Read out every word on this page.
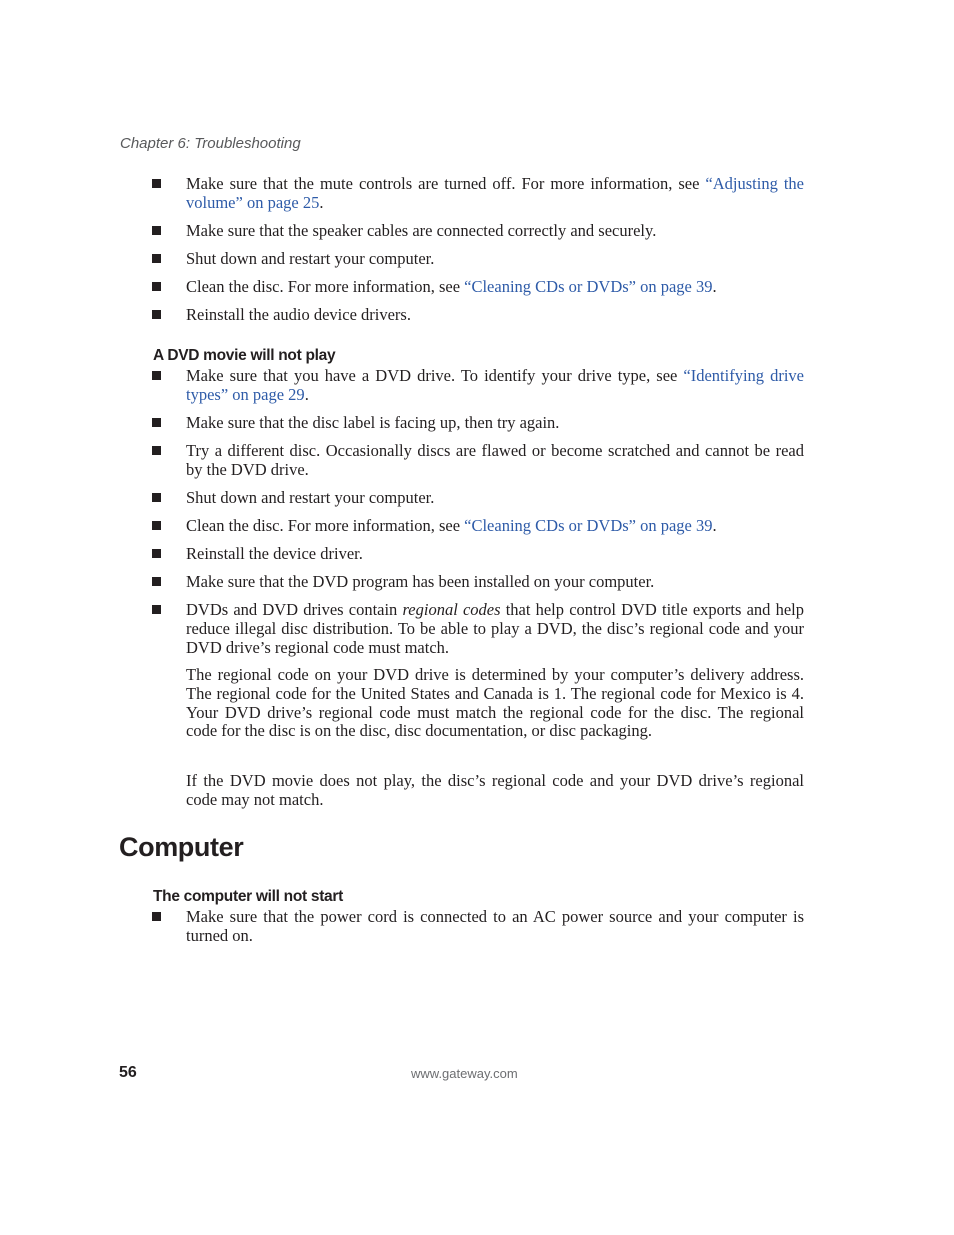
Chapter 6: Troubleshooting
Make sure that the mute controls are turned off. For more information, see “Adjusting the volume” on page 25.
Make sure that the speaker cables are connected correctly and securely.
Shut down and restart your computer.
Clean the disc. For more information, see “Cleaning CDs or DVDs” on page 39.
Reinstall the audio device drivers.
A DVD movie will not play
Make sure that you have a DVD drive. To identify your drive type, see “Identifying drive types” on page 29.
Make sure that the disc label is facing up, then try again.
Try a different disc. Occasionally discs are flawed or become scratched and cannot be read by the DVD drive.
Shut down and restart your computer.
Clean the disc. For more information, see “Cleaning CDs or DVDs” on page 39.
Reinstall the device driver.
Make sure that the DVD program has been installed on your computer.
DVDs and DVD drives contain regional codes that help control DVD title exports and help reduce illegal disc distribution. To be able to play a DVD, the disc’s regional code and your DVD drive’s regional code must match.
The regional code on your DVD drive is determined by your computer’s delivery address. The regional code for the United States and Canada is 1. The regional code for Mexico is 4. Your DVD drive’s regional code must match the regional code for the disc. The regional code for the disc is on the disc, disc documentation, or disc packaging.
If the DVD movie does not play, the disc’s regional code and your DVD drive’s regional code may not match.
Computer
The computer will not start
Make sure that the power cord is connected to an AC power source and your computer is turned on.
56	www.gateway.com
